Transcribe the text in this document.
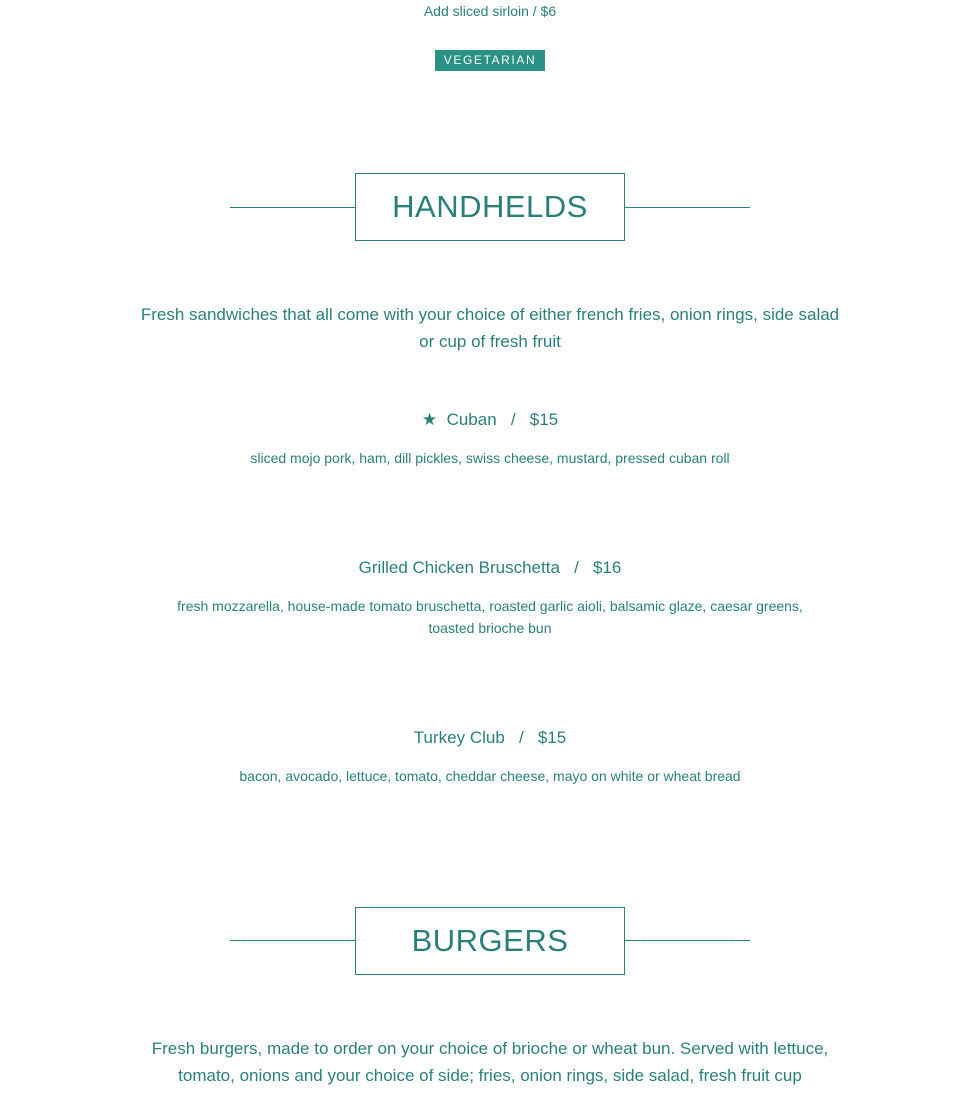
Add sliced sirloin / $6
VEGETARIAN
HANDHELDS
Fresh sandwiches that all come with your choice of either french fries, onion rings, side salad or cup of fresh fruit
★  Cuban   /   $15
sliced mojo pork, ham, dill pickles, swiss cheese, mustard, pressed cuban roll
Grilled Chicken Bruschetta   /   $16
fresh mozzarella, house-made tomato bruschetta, roasted garlic aioli, balsamic glaze, caesar greens, toasted brioche bun
Turkey Club   /   $15
bacon, avocado, lettuce, tomato, cheddar cheese, mayo on white or wheat bread
BURGERS
Fresh burgers, made to order on your choice of brioche or wheat bun. Served with lettuce, tomato, onions and your choice of side; fries, onion rings, side salad, fresh fruit cup
